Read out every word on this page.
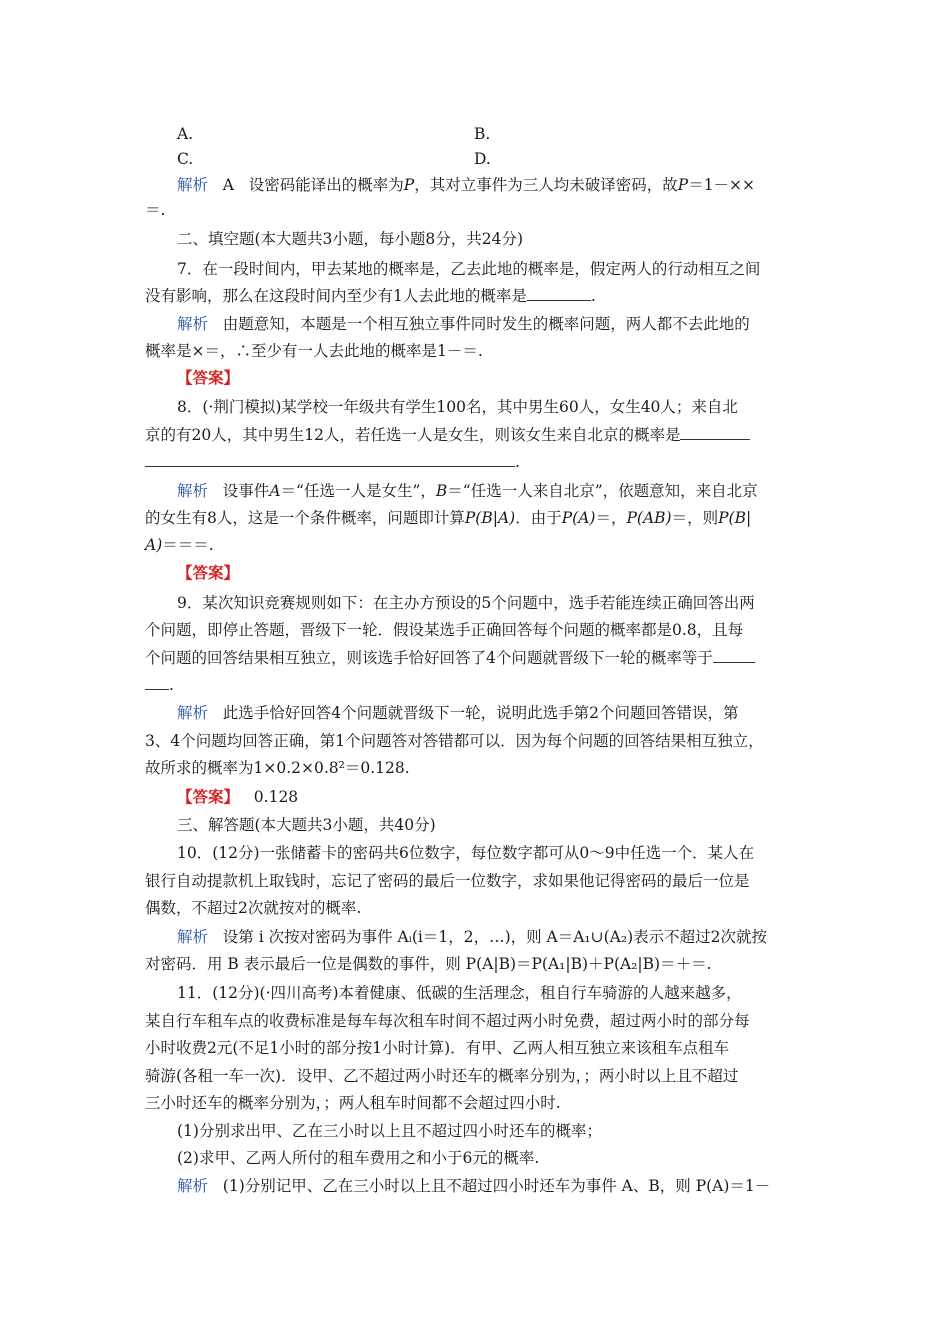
A.	B.
C.	D.
解析 A 设密码能译出的概率为P，其对立事件为三人均未破译密码，故P＝1－××
＝.
二、填空题(本大题共3小题，每小题8分，共24分)
7．在一段时间内，甲去某地的概率是，乙去此地的概率是，假定两人的行动相互之间
没有影响，那么在这段时间内至少有1人去此地的概率是	.
解析 由题意知，本题是一个相互独立事件同时发生的概率问题，两人都不去此地的
概率是×＝，∴至少有一人去此地的概率是1－＝.
【答案】
8．(·荆门模拟)某学校一年级共有学生100名，其中男生60人，女生40人；来自北
京的有20人，其中男生12人，若任选一人是女生，则该女生来自北京的概率是
.
解析 设事件A＝“任选一人是女生”，B＝“任选一人来自北京”，依题意知，来自北京
的女生有8人，这是一个条件概率，问题即计算P(B|A)．由于P(A)＝，P(AB)＝，则P(B|
A)＝＝＝.
【答案】
9．某次知识竞赛规则如下：在主办方预设的5个问题中，选手若能连续正确回答出两
个问题，即停止答题，晋级下一轮．假设某选手正确回答每个问题的概率都是0.8，且每
个问题的回答结果相互独立，则该选手恰好回答了4个问题就晋级下一轮的概率等于
.
解析 此选手恰好回答4个问题就晋级下一轮，说明此选手第2个问题回答错误，第
3、4个问题均回答正确，第1个问题答对答错都可以．因为每个问题的回答结果相互独立，
故所求的概率为1×0.2×0.8²＝0.128.
【答案】 0.128
三、解答题(本大题共3小题，共40分)
10．(12分)一张储蓄卡的密码共6位数字，每位数字都可从0～9中任选一个．某人在
银行自动提款机上取钱时，忘记了密码的最后一位数字，求如果他记得密码的最后一位是
偶数，不超过2次就按对的概率.
解析 设第 i 次按对密码为事件 Aᵢ(i＝1，2，…)，则 A＝A₁∪(A₂)表示不超过2次就按
对密码．用 B 表示最后一位是偶数的事件，则 P(A|B)＝P(A₁|B)＋P(A₂|B)＝＋＝.
11．(12分)(·四川高考)本着健康、低碳的生活理念，租自行车骑游的人越来越多，
某自行车租车点的收费标准是每车每次租车时间不超过两小时免费，超过两小时的部分每
小时收费2元(不足1小时的部分按1小时计算)．有甲、乙两人相互独立来该租车点租车
骑游(各租一车一次)．设甲、乙不超过两小时还车的概率分别为，；两小时以上且不超过
三小时还车的概率分别为，；两人租车时间都不会超过四小时.
(1)分别求出甲、乙在三小时以上且不超过四小时还车的概率；
(2)求甲、乙两人所付的租车费用之和小于6元的概率.
解析 (1)分别记甲、乙在三小时以上且不超过四小时还车为事件 A、B，则 P(A)＝1－
